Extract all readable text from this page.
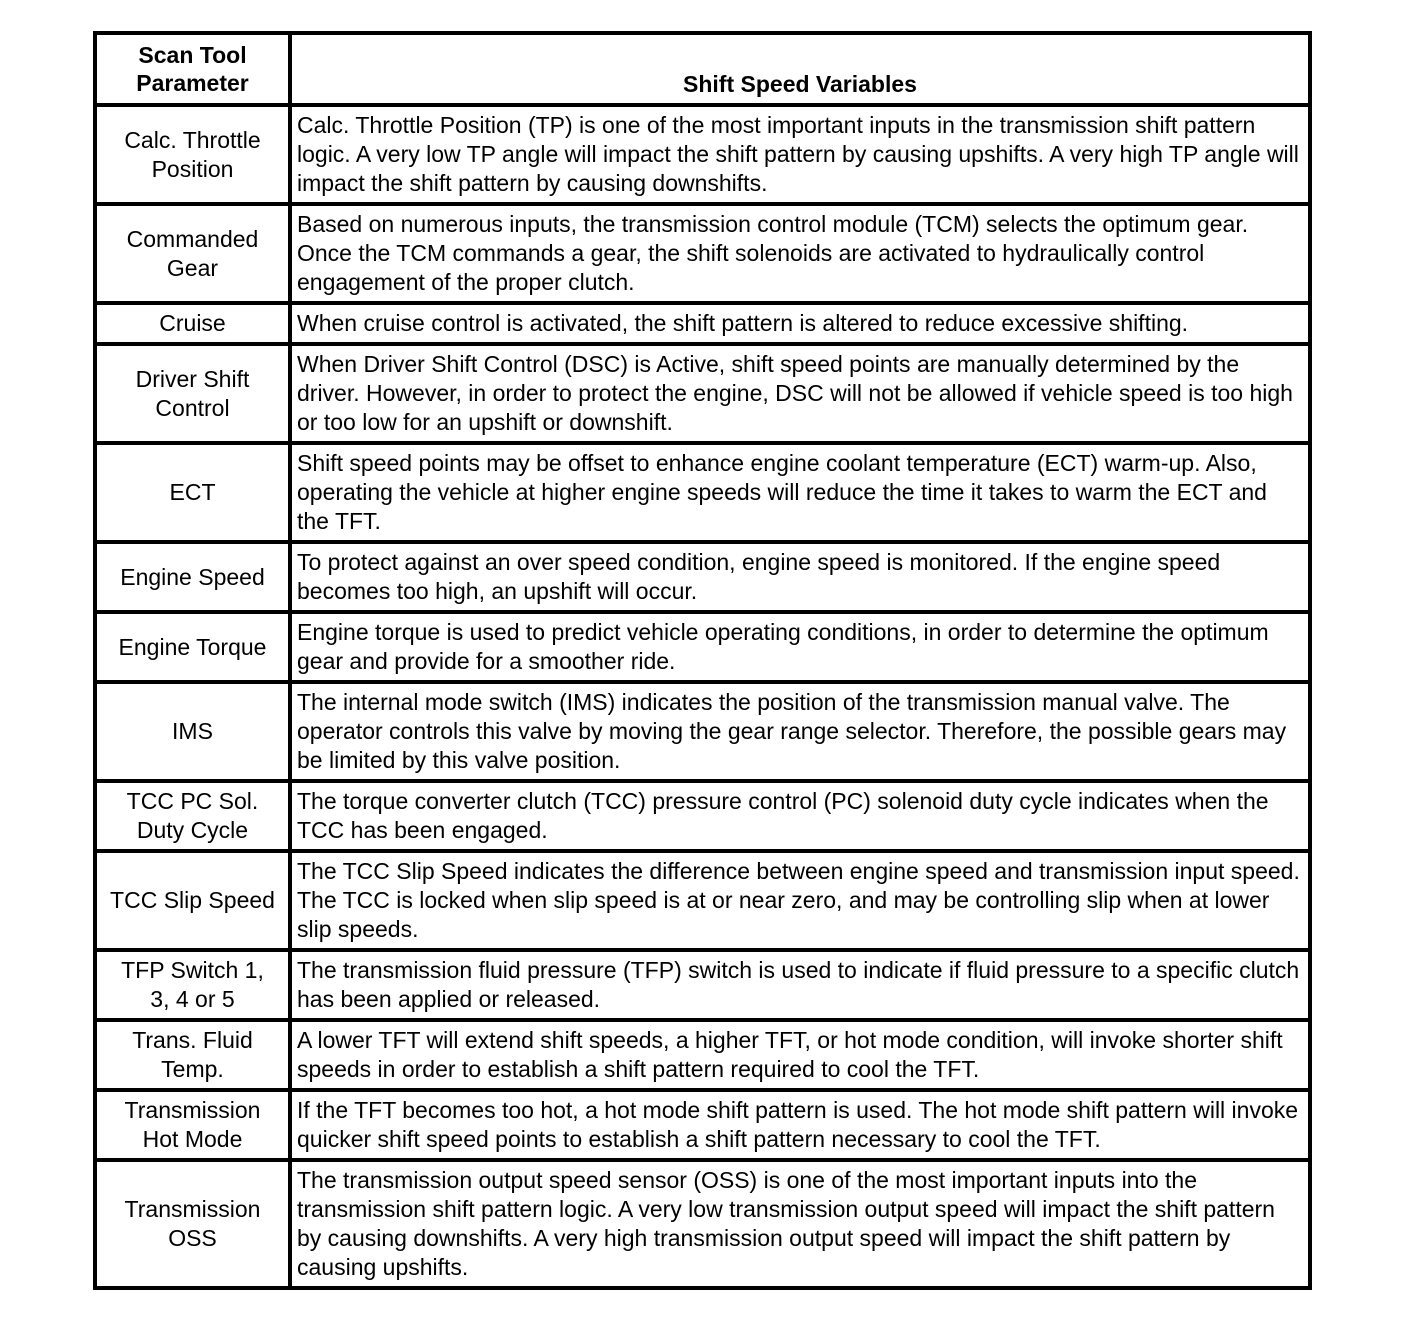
Scan Tool
Parameter	Shift Speed Variables
Calc. Throttle
Position	Calc. Throttle Position (TP) is one of the most important inputs in the transmission shift pattern logic. A very low TP angle will impact the shift pattern by causing upshifts. A very high TP angle will impact the shift pattern by causing downshifts.
Commanded
Gear	Based on numerous inputs, the transmission control module (TCM) selects the optimum gear. Once the TCM commands a gear, the shift solenoids are activated to hydraulically control engagement of the proper clutch.
Cruise	When cruise control is activated, the shift pattern is altered to reduce excessive shifting.
Driver Shift
Control	When Driver Shift Control (DSC) is Active, shift speed points are manually determined by the driver. However, in order to protect the engine, DSC will not be allowed if vehicle speed is too high or too low for an upshift or downshift.
ECT	Shift speed points may be offset to enhance engine coolant temperature (ECT) warm-up. Also, operating the vehicle at higher engine speeds will reduce the time it takes to warm the ECT and the TFT.
Engine Speed	To protect against an over speed condition, engine speed is monitored. If the engine speed becomes too high, an upshift will occur.
Engine Torque	Engine torque is used to predict vehicle operating conditions, in order to determine the optimum gear and provide for a smoother ride.
IMS	The internal mode switch (IMS) indicates the position of the transmission manual valve. The operator controls this valve by moving the gear range selector. Therefore, the possible gears may be limited by this valve position.
TCC PC Sol.
Duty Cycle	The torque converter clutch (TCC) pressure control (PC) solenoid duty cycle indicates when the TCC has been engaged.
TCC Slip Speed	The TCC Slip Speed indicates the difference between engine speed and transmission input speed. The TCC is locked when slip speed is at or near zero, and may be controlling slip when at lower slip speeds.
TFP Switch 1,
3, 4 or 5	The transmission fluid pressure (TFP) switch is used to indicate if fluid pressure to a specific clutch has been applied or released.
Trans. Fluid
Temp.	A lower TFT will extend shift speeds, a higher TFT, or hot mode condition, will invoke shorter shift speeds in order to establish a shift pattern required to cool the TFT.
Transmission
Hot Mode	If the TFT becomes too hot, a hot mode shift pattern is used. The hot mode shift pattern will invoke quicker shift speed points to establish a shift pattern necessary to cool the TFT.
Transmission
OSS	The transmission output speed sensor (OSS) is one of the most important inputs into the transmission shift pattern logic. A very low transmission output speed will impact the shift pattern by causing downshifts. A very high transmission output speed will impact the shift pattern by causing upshifts.
